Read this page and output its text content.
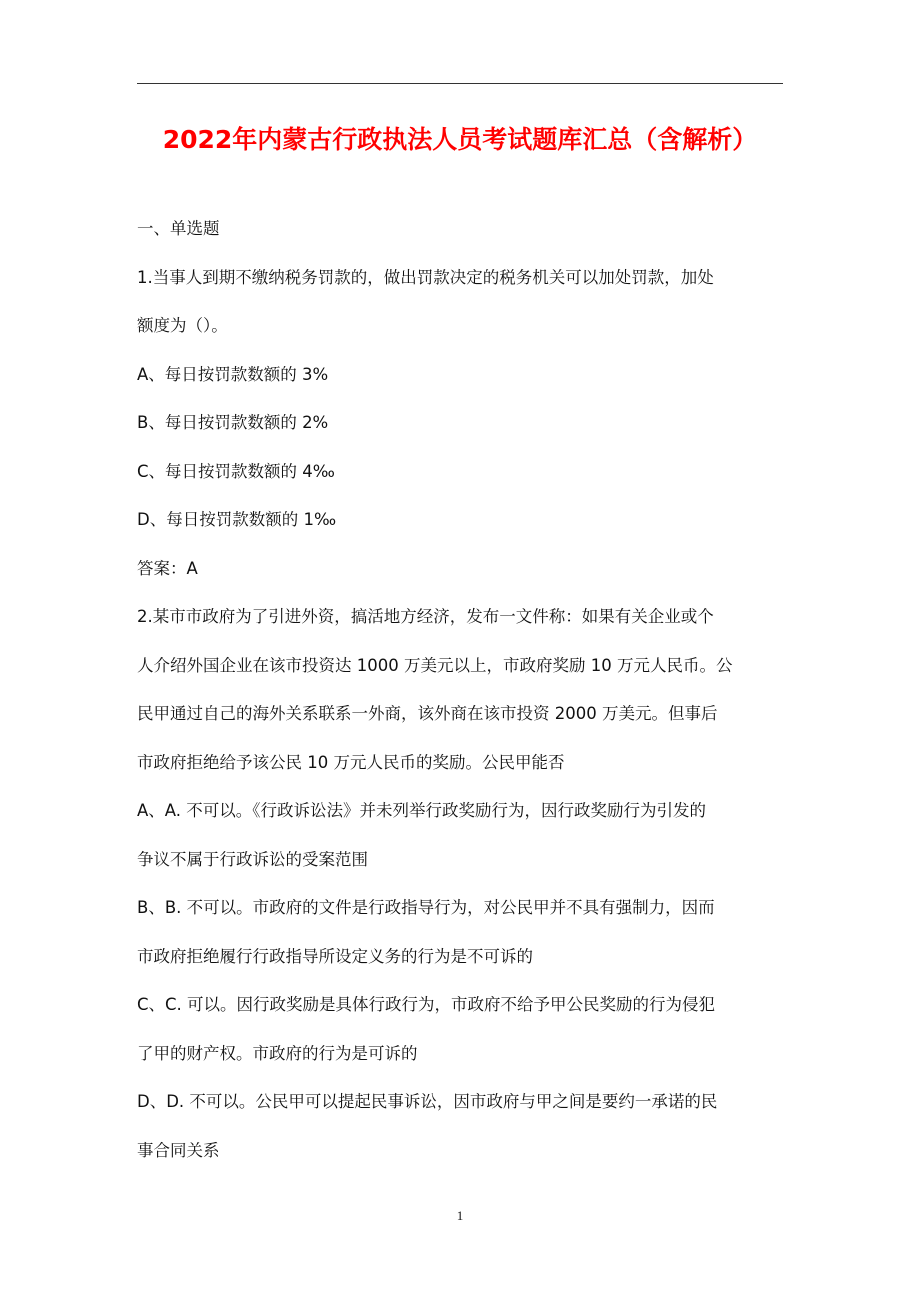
2022年内蒙古行政执法人员考试题库汇总（含解析）
一、单选题
1.当事人到期不缴纳税务罚款的，做出罚款决定的税务机关可以加处罚款，加处
额度为（）。
A、每日按罚款数额的 3%
B、每日按罚款数额的 2%
C、每日按罚款数额的 4‰
D、每日按罚款数额的 1‰
答案：A
2.某市市政府为了引进外资，搞活地方经济，发布一文件称：如果有关企业或个
人介绍外国企业在该市投资达 1000 万美元以上，市政府奖励 10 万元人民币。公
民甲通过自己的海外关系联系一外商，该外商在该市投资 2000 万美元。但事后
市政府拒绝给予该公民 10 万元人民币的奖励。公民甲能否
A、A. 不可以。《行政诉讼法》并未列举行政奖励行为，因行政奖励行为引发的
争议不属于行政诉讼的受案范围
B、B. 不可以。市政府的文件是行政指导行为，对公民甲并不具有强制力，因而
市政府拒绝履行行政指导所设定义务的行为是不可诉的
C、C. 可以。因行政奖励是具体行政行为，市政府不给予甲公民奖励的行为侵犯
了甲的财产权。市政府的行为是可诉的
D、D. 不可以。公民甲可以提起民事诉讼，因市政府与甲之间是要约一承诺的民
事合同关系
1
